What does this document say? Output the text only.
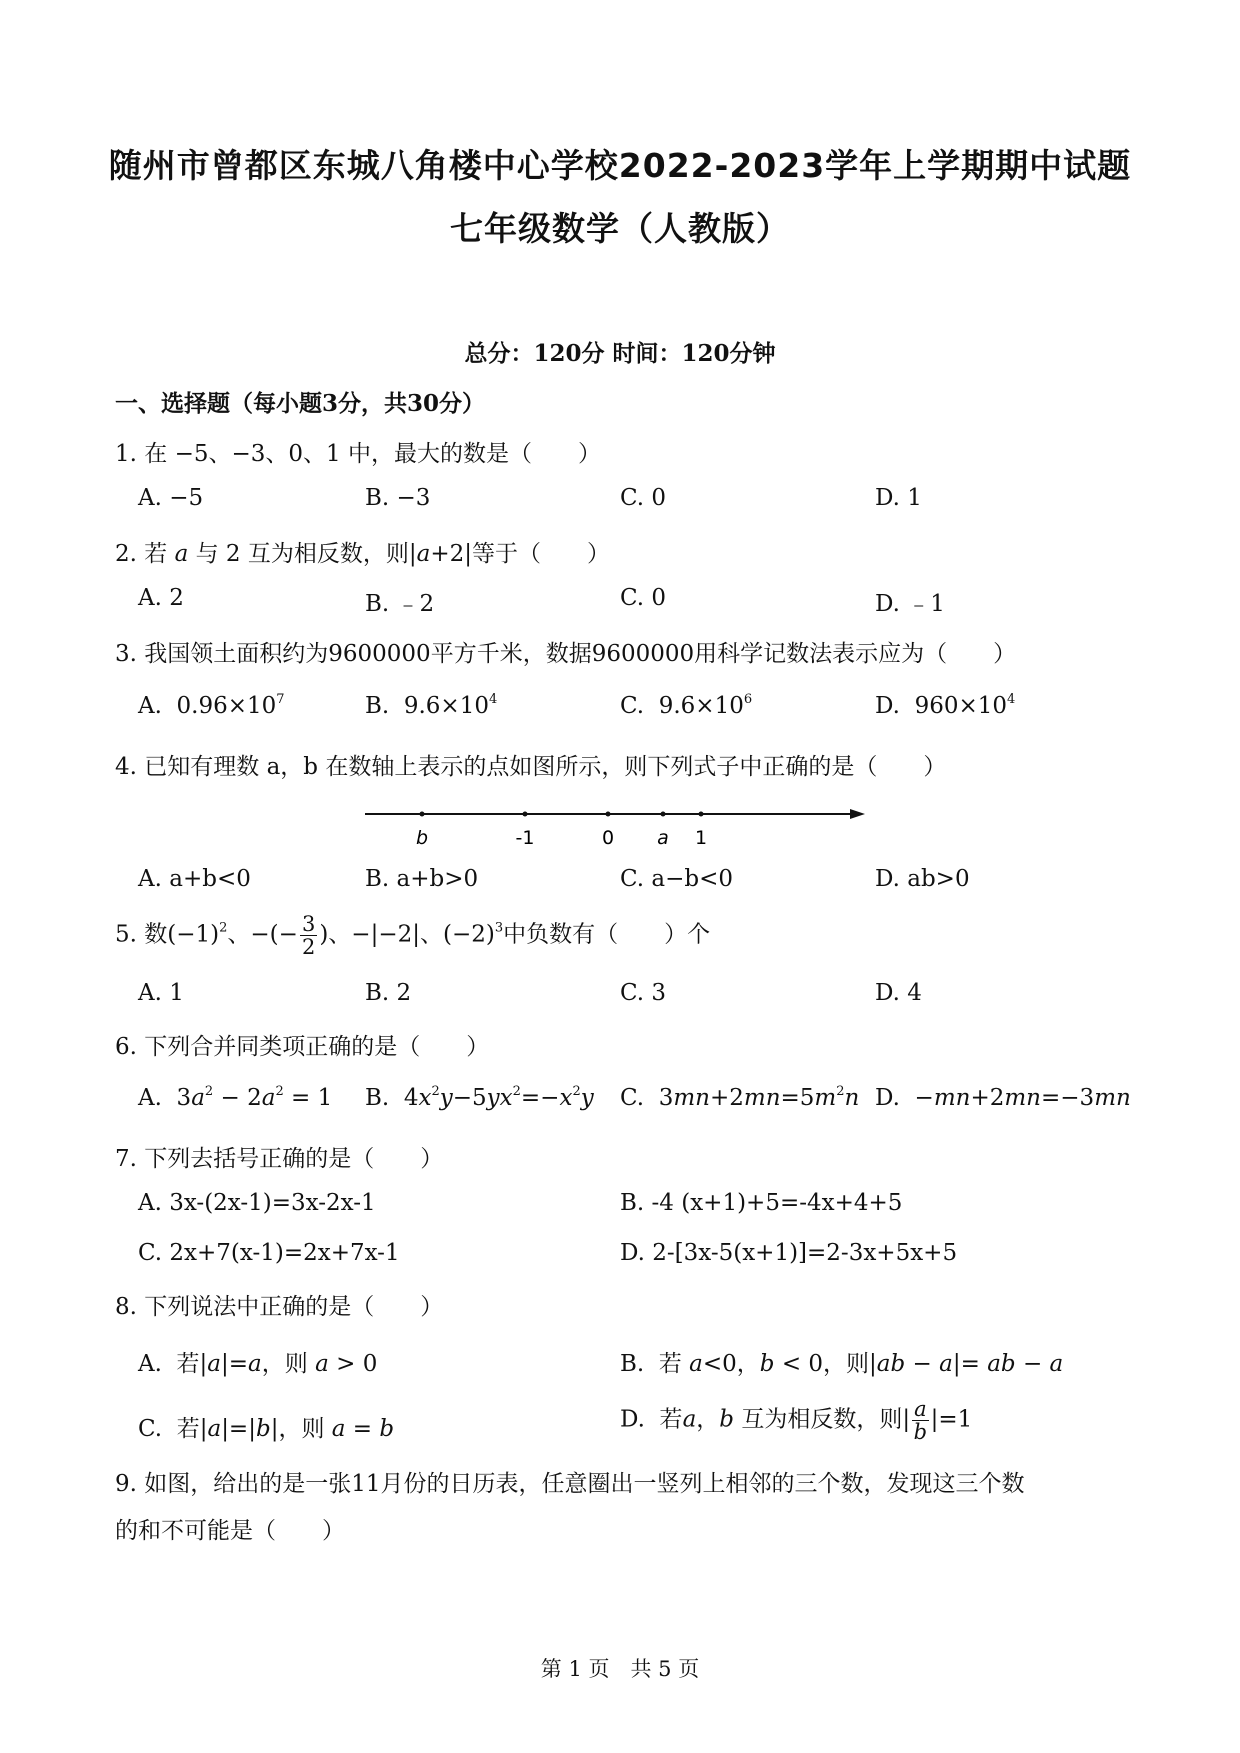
随州市曾都区东城八角楼中心学校2022-2023学年上学期期中试题
七年级数学（人教版）
总分：120分 时间：120分钟
一、选择题（每小题3分，共30分）
1. 在 −5、−3、0、1 中，最大的数是（　　）
A. −5	B. −3	C. 0	D. 1
2. 若 a 与 2 互为相反数，则|a+2|等于（　　）
A. 2	B. ﹣2	C. 0	D. ﹣1
3. 我国领土面积约为9600000平方千米，数据9600000用科学记数法表示应为（　　）
A. $0.96\times 10^7$	B. $9.6\times 10^4$	C. $9.6\times 10^6$	D. $960\times 10^4$
4. 已知有理数 a，b 在数轴上表示的点如图所示，则下列式子中正确的是（　　）
b	-1	0 a 1
A. a+b<0	B. a+b>0	C. a−b<0	D. ab>0
5. 数$(-1)^2$、−(− $\frac{3}{2}$ )、−|−2|、$(-2)^3$中负数有（　　）个
A. 1	B. 2	C. 3	D. 4
6. 下列合并同类项正确的是（　　）
A.  $3a^2 - 2a^2 = 1$ B.  $4x^2y-5yx^2=-x^2y$ C.  $3mn+2mn=5m^2n$ D.  −mn+2mn=−3mn
7. 下列去括号正确的是（　　）
A. 3x-(2x-1)=3x-2x-1	B. -4 (x+1)+5=-4x+4+5
C. 2x+7(x-1)=2x+7x-1	D. 2-[3x-5(x+1)]=2-3x+5x+5
8. 下列说法中正确的是（　　）
A.  若|a|=a，则 a > 0	B.  若 a<0，b < 0，则|ab − a|= ab − a
C.  若|a|=|b|，则 a = b	D.  若a，b 互为相反数，则| $\frac{a}{b} |=1$
9. 如图，给出的是一张11月份的日历表，任意圈出一竖列上相邻的三个数，发现这三个数
的和不可能是（　　）
第 1 页　共 5 页
